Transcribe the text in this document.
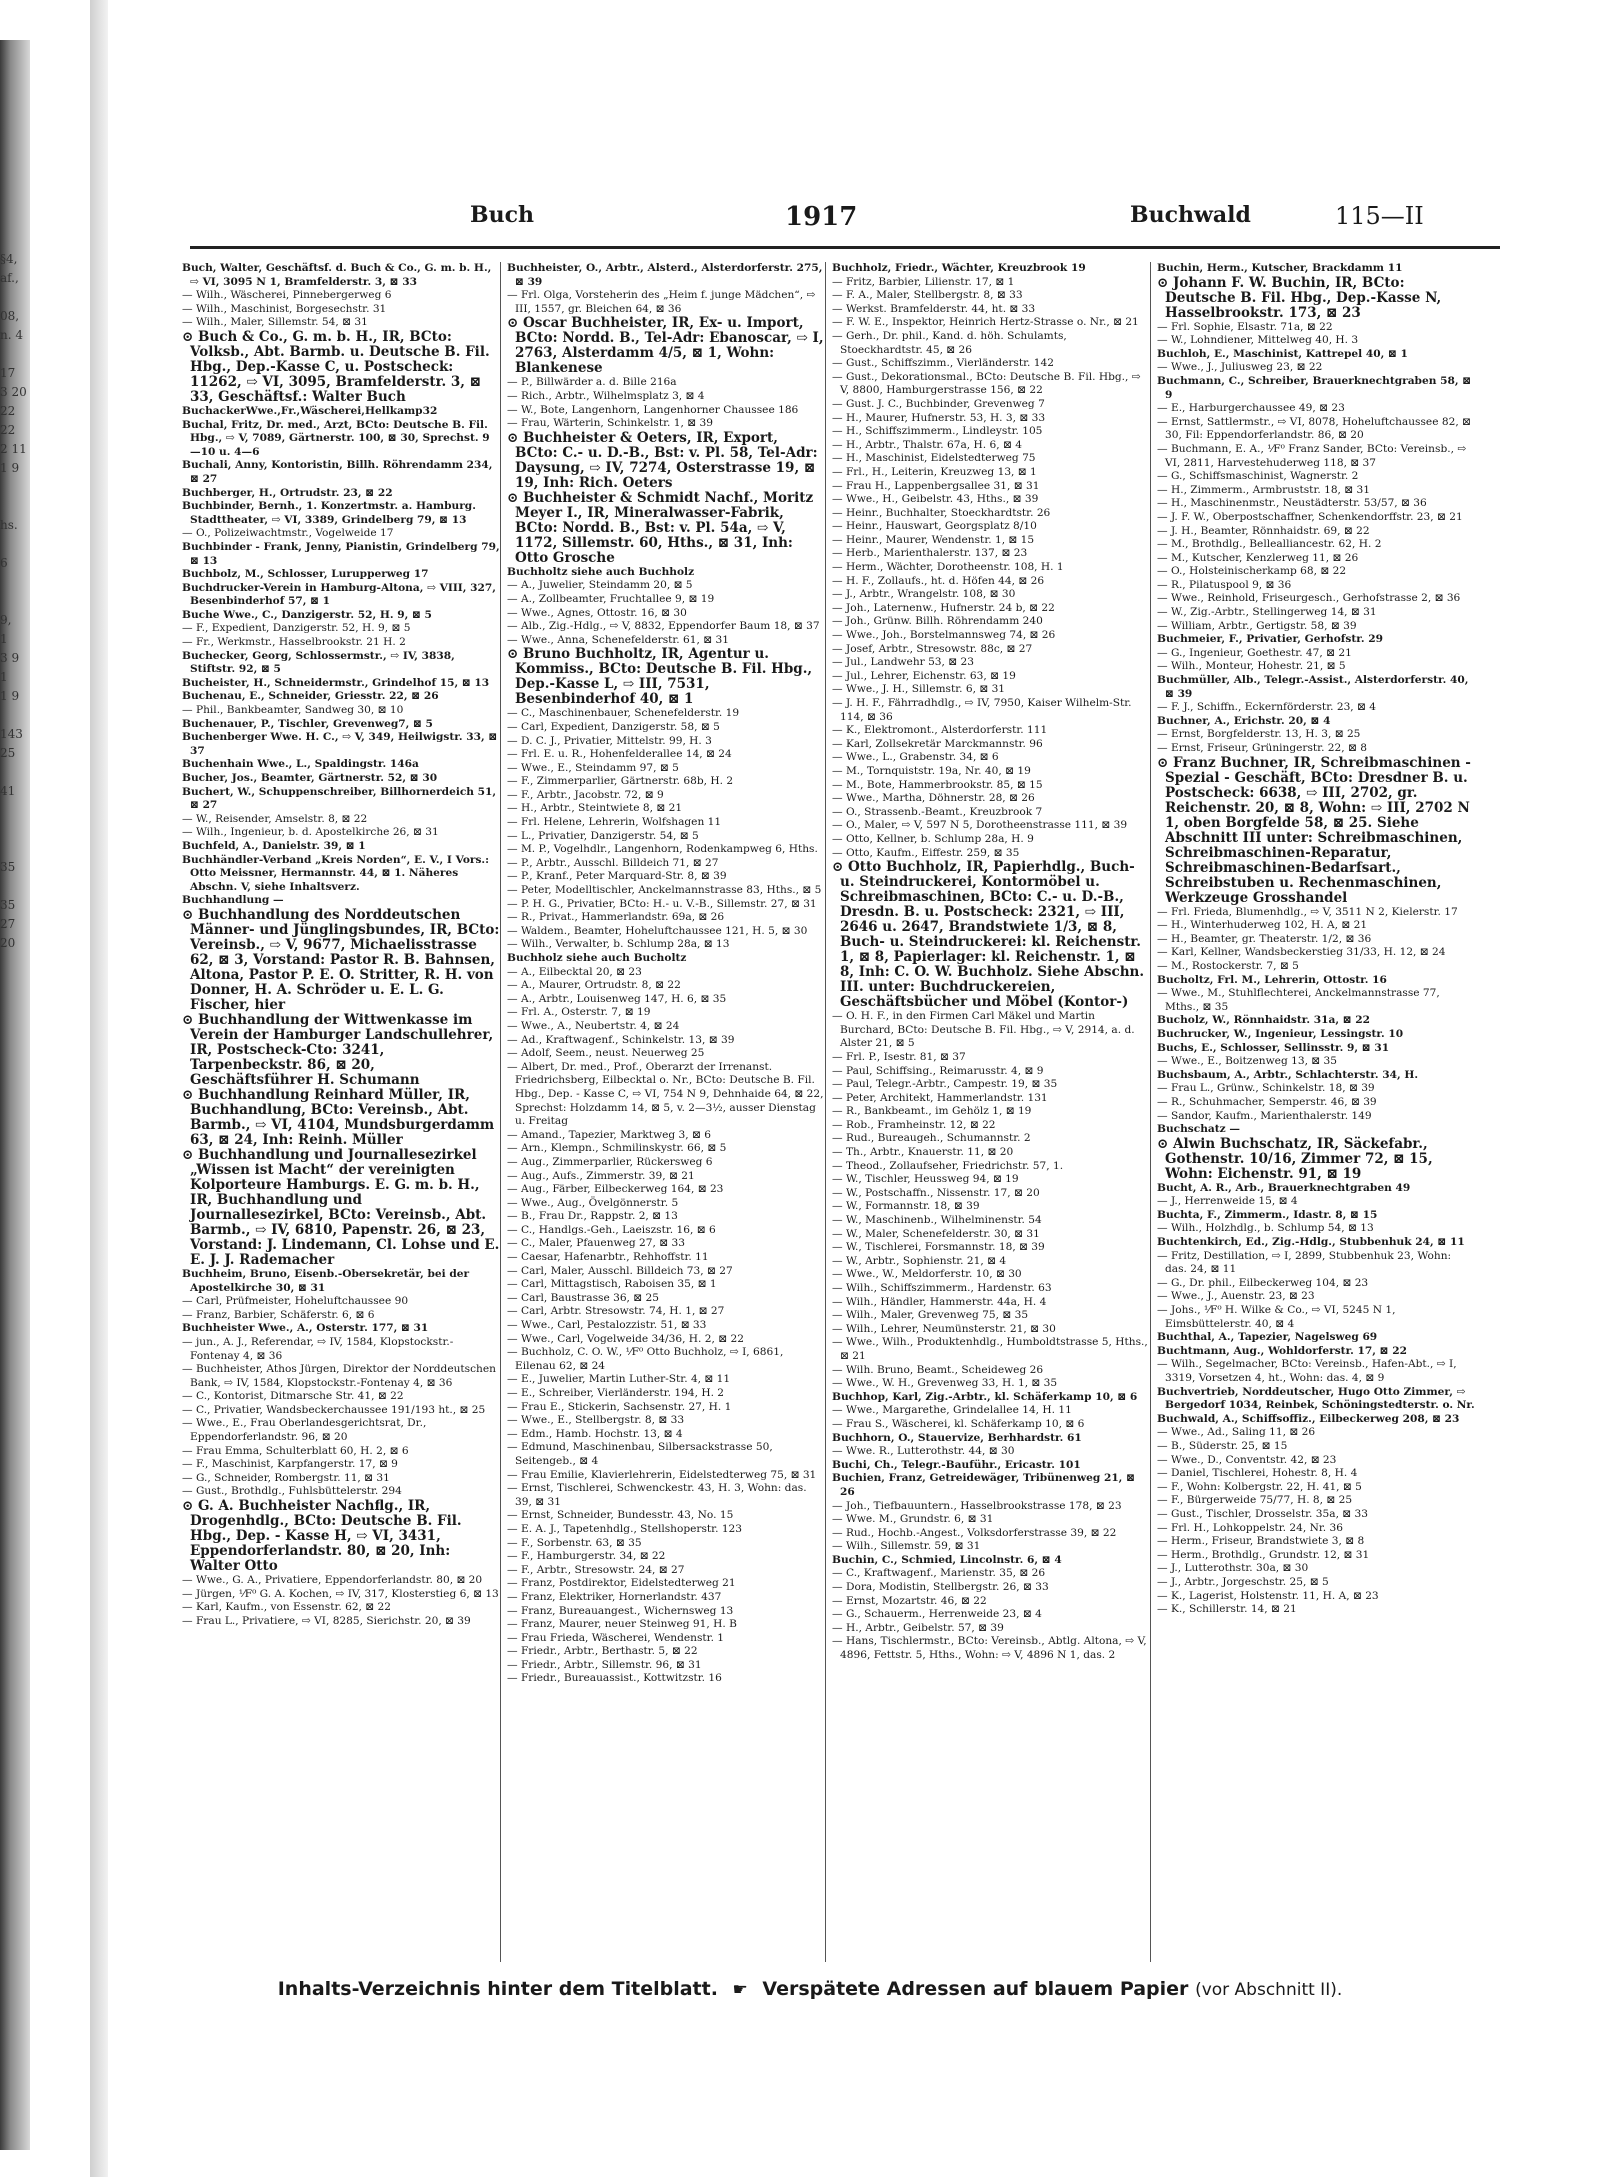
§4,
af.,

08,
n. 4

17
3 20
22
22
2 11
1 9

hs.

6

9,
1
3 9
1
1 9

143
25

41

35

35
27
20
Buch	1917	Buchwald	115—II

Buch, Walter, Geschäftsf. d. Buch & Co., G. m. b. H., ⇨ VI, 3095 N 1, Bramfelderstr. 3, ⊠ 33

— Wilh., Wäscherei, Pinnebergerweg 6

— Wilh., Maschinist, Borgesechstr. 31

— Wilh., Maler, Sillemstr. 54, ⊠ 31

⊙ Buch & Co., G. m. b. H., IR, BCto: Volksb., Abt. Barmb. u. Deutsche B. Fil. Hbg., Dep.-Kasse C, u. Postscheck: 11262, ⇨ VI, 3095, Bramfelderstr. 3, ⊠ 33, Geschäftsf.: Walter Buch

BuchackerWwe.,Fr.,Wäscherei,Hellkamp32

Buchal, Fritz, Dr. med., Arzt, BCto: Deutsche B. Fil. Hbg., ⇨ V, 7089, Gärtnerstr. 100, ⊠ 30, Sprechst. 9—10 u. 4—6

Buchali, Anny, Kontoristin, Billh. Röhrendamm 234, ⊠ 27

Buchberger, H., Ortrudstr. 23, ⊠ 22

Buchbinder, Bernh., 1. Konzertmstr. a. Hamburg. Stadttheater, ⇨ VI, 3389, Grindelberg 79, ⊠ 13

— O., Polizeiwachtmstr., Vogelweide 17

Buchbinder - Frank, Jenny, Pianistin, Grindelberg 79, ⊠ 13

Buchbolz, M., Schlosser, Lurupperweg 17

Buchdrucker-Verein in Hamburg-Altona, ⇨ VIII, 327, Besenbinderhof 57, ⊠ 1

Buche Wwe., C., Danzigerstr. 52, H. 9, ⊠ 5

— F., Expedient, Danzigerstr. 52, H. 9, ⊠ 5

— Fr., Werkmstr., Hasselbrookstr. 21 H. 2

Buchecker, Georg, Schlossermstr., ⇨ IV, 3838, Stiftstr. 92, ⊠ 5

Bucheister, H., Schneidermstr., Grindelhof 15, ⊠ 13

Buchenau, E., Schneider, Griesstr. 22, ⊠ 26

— Phil., Bankbeamter, Sandweg 30, ⊠ 10

Buchenauer, P., Tischler, Grevenweg7, ⊠ 5

Buchenberger Wwe. H. C., ⇨ V, 349, Heilwigstr. 33, ⊠ 37

Buchenhain Wwe., L., Spaldingstr. 146a

Bucher, Jos., Beamter, Gärtnerstr. 52, ⊠ 30

Buchert, W., Schuppenschreiber, Billhornerdeich 51, ⊠ 27

— W., Reisender, Amselstr. 8, ⊠ 22

— Wilh., Ingenieur, b. d. Apostelkirche 26, ⊠ 31

Buchfeld, A., Danielstr. 39, ⊠ 1

Buchhändler-Verband „Kreis Norden“, E. V., I Vors.: Otto Meissner, Hermannstr. 44, ⊠ 1. Näheres Abschn. V, siehe Inhaltsverz.

Buchhandlung —

⊙ Buchhandlung des Norddeutschen Männer- und Jünglingsbundes, IR, BCto: Vereinsb., ⇨ V, 9677, Michaelisstrasse 62, ⊠ 3, Vorstand: Pastor R. B. Bahnsen, Altona, Pastor P. E. O. Stritter, R. H. von Donner, H. A. Schröder u. E. L. G. Fischer, hier

⊙ Buchhandlung der Wittwenkasse im Verein der Hamburger Landschullehrer, IR, Postscheck-Cto: 3241, Tarpenbeckstr. 86, ⊠ 20, Geschäftsführer H. Schumann

⊙ Buchhandlung Reinhard Müller, IR, Buchhandlung, BCto: Vereinsb., Abt. Barmb., ⇨ VI, 4104, Mundsburgerdamm 63, ⊠ 24, Inh: Reinh. Müller

⊙ Buchhandlung und Journallesezirkel „Wissen ist Macht“ der vereinigten Kolporteure Hamburgs. E. G. m. b. H., IR, Buchhandlung und Journallesezirkel, BCto: Vereinsb., Abt. Barmb., ⇨ IV, 6810, Papenstr. 26, ⊠ 23, Vorstand: J. Lindemann, Cl. Lohse und E. E. J. J. Rademacher

Buchheim, Bruno, Eisenb.-Obersekretär, bei der Apostelkirche 30, ⊠ 31

— Carl, Prüfmeister, Hoheluftchaussee 90

— Franz, Barbier, Schäferstr. 6, ⊠ 6

Buchheister Wwe., A., Osterstr. 177, ⊠ 31

— jun., A. J., Referendar, ⇨ IV, 1584, Klopstockstr.-Fontenay 4, ⊠ 36

— Buchheister, Athos Jürgen, Direktor der Norddeutschen Bank, ⇨ IV, 1584, Klopstockstr.-Fontenay 4, ⊠ 36

— C., Kontorist, Ditmarsche Str. 41, ⊠ 22

— C., Privatier, Wandsbeckerchaussee 191/193 ht., ⊠ 25

— Wwe., E., Frau Oberlandesgerichtsrat, Dr., Eppendorferlandstr. 96, ⊠ 20

— Frau Emma, Schulterblatt 60, H. 2, ⊠ 6

— F., Maschinist, Karpfangerstr. 17, ⊠ 9

— G., Schneider, Rombergstr. 11, ⊠ 31

— Gust., Brothdlg., Fuhlsbüttelerstr. 294

⊙ G. A. Buchheister Nachflg., IR, Drogenhdlg., BCto: Deutsche B. Fil. Hbg., Dep. - Kasse H, ⇨ VI, 3431, Eppendorferlandstr. 80, ⊠ 20, Inh: Walter Otto

— Wwe., G. A., Privatiere, Eppendorferlandstr. 80, ⊠ 20

— Jürgen, ⅟F⁰ G. A. Kochen, ⇨ IV, 317, Klosterstieg 6, ⊠ 13

— Karl, Kaufm., von Essenstr. 62, ⊠ 22

— Frau L., Privatiere, ⇨ VI, 8285, Sierichstr. 20, ⊠ 39

Buchheister, O., Arbtr., Alsterd., Alsterdorferstr. 275, ⊠ 39

— Frl. Olga, Vorsteherin des „Heim f. junge Mädchen“, ⇨ III, 1557, gr. Bleichen 64, ⊠ 36

⊙ Oscar Buchheister, IR, Ex- u. Import, BCto: Nordd. B., Tel-Adr: Ebanoscar, ⇨ I, 2763, Alsterdamm 4/5, ⊠ 1, Wohn: Blankenese

— P., Billwärder a. d. Bille 216a

— Rich., Arbtr., Wilhelmsplatz 3, ⊠ 4

— W., Bote, Langenhorn, Langenhorner Chaussee 186

— Frau, Wärterin, Schinkelstr. 1, ⊠ 39

⊙ Buchheister & Oeters, IR, Export, BCto: C.- u. D.-B., Bst: v. Pl. 58, Tel-Adr: Daysung, ⇨ IV, 7274, Osterstrasse 19, ⊠ 19, Inh: Rich. Oeters

⊙ Buchheister & Schmidt Nachf., Moritz Meyer I., IR, Mineralwasser-Fabrik, BCto: Nordd. B., Bst: v. Pl. 54a, ⇨ V, 1172, Sillemstr. 60, Hths., ⊠ 31, Inh: Otto Grosche

Buchholtz siehe auch Buchholz

— A., Juwelier, Steindamm 20, ⊠ 5

— A., Zollbeamter, Fruchtallee 9, ⊠ 19

— Wwe., Agnes, Ottostr. 16, ⊠ 30

— Alb., Zig.-Hdlg., ⇨ V, 8832, Eppendorfer Baum 18, ⊠ 37

— Wwe., Anna, Schenefelderstr. 61, ⊠ 31

⊙ Bruno Buchholtz, IR, Agentur u. Kommiss., BCto: Deutsche B. Fil. Hbg., Dep.-Kasse L, ⇨ III, 7531, Besenbinderhof 40, ⊠ 1

— C., Maschinenbauer, Schenefelderstr. 19

— Carl, Expedient, Danzigerstr. 58, ⊠ 5

— D. C. J., Privatier, Mittelstr. 99, H. 3

— Frl. E. u. R., Hohenfelderallee 14, ⊠ 24

— Wwe., E., Steindamm 97, ⊠ 5

— F., Zimmerparlier, Gärtnerstr. 68b, H. 2

— F., Arbtr., Jacobstr. 72, ⊠ 9

— H., Arbtr., Steintwiete 8, ⊠ 21

— Frl. Helene, Lehrerin, Wolfshagen 11

— L., Privatier, Danzigerstr. 54, ⊠ 5

— M. P., Vogelhdlr., Langenhorn, Rodenkampweg 6, Hths.

— P., Arbtr., Ausschl. Billdeich 71, ⊠ 27

— P., Kranf., Peter Marquard-Str. 8, ⊠ 39

— Peter, Modelltischler, Anckelmannstrasse 83, Hths., ⊠ 5

— P. H. G., Privatier, BCto: H.- u. V.-B., Sillemstr. 27, ⊠ 31

— R., Privat., Hammerlandstr. 69a, ⊠ 26

— Waldem., Beamter, Hoheluftchaussee 121, H. 5, ⊠ 30

— Wilh., Verwalter, b. Schlump 28a, ⊠ 13

Buchholz siehe auch Bucholtz

— A., Eilbecktal 20, ⊠ 23

— A., Maurer, Ortrudstr. 8, ⊠ 22

— A., Arbtr., Louisenweg 147, H. 6, ⊠ 35

— Frl. A., Osterstr. 7, ⊠ 19

— Wwe., A., Neubertstr. 4, ⊠ 24

— Ad., Kraftwagenf., Schinkelstr. 13, ⊠ 39

— Adolf, Seem., neust. Neuerweg 25

— Albert, Dr. med., Prof., Oberarzt der Irrenanst. Friedrichsberg, Eilbecktal o. Nr., BCto: Deutsche B. Fil. Hbg., Dep. - Kasse C, ⇨ VI, 754 N 9, Dehnhaide 64, ⊠ 22, Sprechst: Holzdamm 14, ⊠ 5, v. 2—3½, ausser Dienstag u. Freitag

— Amand., Tapezier, Marktweg 3, ⊠ 6

— Arn., Klempn., Schmilinskystr. 66, ⊠ 5

— Aug., Zimmerparlier, Rückersweg 6

— Aug., Aufs., Zimmerstr. 39, ⊠ 21

— Aug., Färber, Eilbeckerweg 164, ⊠ 23

— Wwe., Aug., Övelgönnerstr. 5

— B., Frau Dr., Rappstr. 2, ⊠ 13

— C., Handlgs.-Geh., Laeiszstr. 16, ⊠ 6

— C., Maler, Pfauenweg 27, ⊠ 33

— Caesar, Hafenarbtr., Rehhoffstr. 11

— Carl, Maler, Ausschl. Billdeich 73, ⊠ 27

— Carl, Mittagstisch, Raboisen 35, ⊠ 1

— Carl, Baustrasse 36, ⊠ 25

— Carl, Arbtr. Stresowstr. 74, H. 1, ⊠ 27

— Wwe., Carl, Pestalozzistr. 51, ⊠ 33

— Wwe., Carl, Vogelweide 34/36, H. 2, ⊠ 22

— Buchholz, C. O. W., ⅟F⁰ Otto Buchholz, ⇨ I, 6861, Eilenau 62, ⊠ 24

— E., Juwelier, Martin Luther-Str. 4, ⊠ 11

— E., Schreiber, Vierländerstr. 194, H. 2

— Frau E., Stickerin, Sachsenstr. 27, H. 1

— Wwe., E., Stellbergstr. 8, ⊠ 33

— Edm., Hamb. Hochstr. 13, ⊠ 4

— Edmund, Maschinenbau, Silbersackstrasse 50, Seitengeb., ⊠ 4

— Frau Emilie, Klavierlehrerin, Eidelstedterweg 75, ⊠ 31

— Ernst, Tischlerei, Schwenckestr. 43, H. 3, Wohn: das. 39, ⊠ 31

— Ernst, Schneider, Bundesstr. 43, No. 15

— E. A. J., Tapetenhdlg., Stellshoperstr. 123

— F., Sorbenstr. 63, ⊠ 35

— F., Hamburgerstr. 34, ⊠ 22

— F., Arbtr., Stresowstr. 24, ⊠ 27

— Franz, Postdirektor, Eidelstedterweg 21

— Franz, Elektriker, Hornerlandstr. 437

— Franz, Bureauangest., Wichernsweg 13

— Franz, Maurer, neuer Steinweg 91, H. B

— Frau Frieda, Wäscherei, Wendenstr. 1

— Friedr., Arbtr., Berthastr. 5, ⊠ 22

— Friedr., Arbtr., Sillemstr. 96, ⊠ 31

— Friedr., Bureauassist., Kottwitzstr. 16

Buchholz, Friedr., Wächter, Kreuzbrook 19

— Fritz, Barbier, Lilienstr. 17, ⊠ 1

— F. A., Maler, Stellbergstr. 8, ⊠ 33

— Werkst. Bramfelderstr. 44, ht. ⊠ 33

— F. W. E., Inspektor, Heinrich Hertz-Strasse o. Nr., ⊠ 21

— Gerh., Dr. phil., Kand. d. höh. Schulamts, Stoeckhardtstr. 45, ⊠ 26

— Gust., Schiffszimm., Vierländerstr. 142

— Gust., Dekorationsmal., BCto: Deutsche B. Fil. Hbg., ⇨ V, 8800, Hamburgerstrasse 156, ⊠ 22

— Gust. J. C., Buchbinder, Grevenweg 7

— H., Maurer, Hufnerstr. 53, H. 3, ⊠ 33

— H., Schiffszimmerm., Lindleystr. 105

— H., Arbtr., Thalstr. 67a, H. 6, ⊠ 4

— H., Maschinist, Eidelstedterweg 75

— Frl., H., Leiterin, Kreuzweg 13, ⊠ 1

— Frau H., Lappenbergsallee 31, ⊠ 31

— Wwe., H., Geibelstr. 43, Hths., ⊠ 39

— Heinr., Buchhalter, Stoeckhardtstr. 26

— Heinr., Hauswart, Georgsplatz 8/10

— Heinr., Maurer, Wendenstr. 1, ⊠ 15

— Herb., Marienthalerstr. 137, ⊠ 23

— Herm., Wächter, Dorotheenstr. 108, H. 1

— H. F., Zollaufs., ht. d. Höfen 44, ⊠ 26

— J., Arbtr., Wrangelstr. 108, ⊠ 30

— Joh., Laternenw., Hufnerstr. 24 b, ⊠ 22

— Joh., Grünw. Billh. Röhrendamm 240

— Wwe., Joh., Borstelmannsweg 74, ⊠ 26

— Josef, Arbtr., Stresowstr. 88c, ⊠ 27

— Jul., Landwehr 53, ⊠ 23

— Jul., Lehrer, Eichenstr. 63, ⊠ 19

— Wwe., J. H., Sillemstr. 6, ⊠ 31

— J. H. F., Fährradhdlg., ⇨ IV, 7950, Kaiser Wilhelm-Str. 114, ⊠ 36

— K., Elektromont., Alsterdorferstr. 111

— Karl, Zollsekretär Marckmannstr. 96

— Wwe., L., Grabenstr. 34, ⊠ 6

— M., Tornquiststr. 19a, Nr. 40, ⊠ 19

— M., Bote, Hammerbrookstr. 85, ⊠ 15

— Wwe., Martha, Döhnerstr. 28, ⊠ 26

— O., Strassenb.-Beamt., Kreuzbrook 7

— O., Maler, ⇨ V, 597 N 5, Dorotheenstrasse 111, ⊠ 39

— Otto, Kellner, b. Schlump 28a, H. 9

— Otto, Kaufm., Eiffestr. 259, ⊠ 35

⊙ Otto Buchholz, IR, Papierhdlg., Buch- u. Steindruckerei, Kontormöbel u. Schreibmaschinen, BCto: C.- u. D.-B., Dresdn. B. u. Postscheck: 2321, ⇨ III, 2646 u. 2647, Brandstwiete 1/3, ⊠ 8, Buch- u. Steindruckerei: kl. Reichenstr. 1, ⊠ 8, Papierlager: kl. Reichenstr. 1, ⊠ 8, Inh: C. O. W. Buchholz. Siehe Abschn. III. unter: Buchdruckereien, Geschäftsbücher und Möbel (Kontor-)

— O. H. F., in den Firmen Carl Mäkel und Martin Burchard, BCto: Deutsche B. Fil. Hbg., ⇨ V, 2914, a. d. Alster 21, ⊠ 5

— Frl. P., Isestr. 81, ⊠ 37

— Paul, Schiffsing., Reimarusstr. 4, ⊠ 9

— Paul, Telegr.-Arbtr., Campestr. 19, ⊠ 35

— Peter, Architekt, Hammerlandstr. 131

— R., Bankbeamt., im Gehölz 1, ⊠ 19

— Rob., Framheinstr. 12, ⊠ 22

— Rud., Bureaugeh., Schumannstr. 2

— Th., Arbtr., Knauerstr. 11, ⊠ 20

— Theod., Zollaufseher, Friedrichstr. 57, 1.

— W., Tischler, Heussweg 94, ⊠ 19

— W., Postschaffn., Nissenstr. 17, ⊠ 20

— W., Formannstr. 18, ⊠ 39

— W., Maschinenb., Wilhelminenstr. 54

— W., Maler, Schenefelderstr. 30, ⊠ 31

— W., Tischlerei, Forsmannstr. 18, ⊠ 39

— W., Arbtr., Sophienstr. 21, ⊠ 4

— Wwe., W., Meldorferstr. 10, ⊠ 30

— Wilh., Schiffszimmerm., Hardenstr. 63

— Wilh., Händler, Hammerstr. 44a, H. 4

— Wilh., Maler, Grevenweg 75, ⊠ 35

— Wilh., Lehrer, Neumünsterstr. 21, ⊠ 30

— Wwe., Wilh., Produktenhdlg., Humboldtstrasse 5, Hths., ⊠ 21

— Wilh. Bruno, Beamt., Scheideweg 26

— Wwe., W. H., Grevenweg 33, H. 1, ⊠ 35

Buchhop, Karl, Zig.-Arbtr., kl. Schäferkamp 10, ⊠ 6

— Wwe., Margarethe, Grindelallee 14, H. 11

— Frau S., Wäscherei, kl. Schäferkamp 10, ⊠ 6

Buchhorn, O., Stauervize, Berhhardstr. 61

— Wwe. R., Lutterothstr. 44, ⊠ 30

Buchi, Ch., Telegr.-Bauführ., Ericastr. 101

Buchien, Franz, Getreidewäger, Tribünenweg 21, ⊠ 26

— Joh., Tiefbauuntern., Hasselbrookstrasse 178, ⊠ 23

— Wwe. M., Grundstr. 6, ⊠ 31

— Rud., Hochb.-Angest., Volksdorferstrasse 39, ⊠ 22

— Wilh., Sillemstr. 59, ⊠ 31

Buchin, C., Schmied, Lincolnstr. 6, ⊠ 4

— C., Kraftwagenf., Marienstr. 35, ⊠ 26

— Dora, Modistin, Stellbergstr. 26, ⊠ 33

— Ernst, Mozartstr. 46, ⊠ 22

— G., Schauerm., Herrenweide 23, ⊠ 4

— H., Arbtr., Geibelstr. 57, ⊠ 39

— Hans, Tischlermstr., BCto: Vereinsb., Abtlg. Altona, ⇨ V, 4896, Fettstr. 5, Hths., Wohn: ⇨ V, 4896 N 1, das. 2

Buchin, Herm., Kutscher, Brackdamm 11

⊙ Johann F. W. Buchin, IR, BCto: Deutsche B. Fil. Hbg., Dep.-Kasse N, Hasselbrookstr. 173, ⊠ 23

— Frl. Sophie, Elsastr. 71a, ⊠ 22

— W., Lohndiener, Mittelweg 40, H. 3

Buchloh, E., Maschinist, Kattrepel 40, ⊠ 1

— Wwe., J., Juliusweg 23, ⊠ 22

Buchmann, C., Schreiber, Brauerknechtgraben 58, ⊠ 9

— E., Harburgerchaussee 49, ⊠ 23

— Ernst, Sattlermstr., ⇨ VI, 8078, Hoheluftchaussee 82, ⊠ 30, Fil: Eppendorferlandstr. 86, ⊠ 20

— Buchmann, E. A., ⅟F⁰ Franz Sander, BCto: Vereinsb., ⇨ VI, 2811, Harvestehuderweg 118, ⊠ 37

— G., Schiffsmaschinist, Wagnerstr. 2

— H., Zimmerm., Armbruststr. 18, ⊠ 31

— H., Maschinenmstr., Neustädterstr. 53/57, ⊠ 36

— J. F. W., Oberpostschaffner, Schenkendorffstr. 23, ⊠ 21

— J. H., Beamter, Rönnhaidstr. 69, ⊠ 22

— M., Brothdlg., Bellealliancestr. 62, H. 2

— M., Kutscher, Kenzlerweg 11, ⊠ 26

— O., Holsteinischerkamp 68, ⊠ 22

— R., Pilatuspool 9, ⊠ 36

— Wwe., Reinhold, Friseurgesch., Gerhofstrasse 2, ⊠ 36

— W., Zig.-Arbtr., Stellingerweg 14, ⊠ 31

— William, Arbtr., Gertigstr. 58, ⊠ 39

Buchmeier, F., Privatier, Gerhofstr. 29

— G., Ingenieur, Goethestr. 47, ⊠ 21

— Wilh., Monteur, Hohestr. 21, ⊠ 5

Buchmüller, Alb., Telegr.-Assist., Alsterdorferstr. 40, ⊠ 39

— F. J., Schiffn., Eckernförderstr. 23, ⊠ 4

Buchner, A., Erichstr. 20, ⊠ 4

— Ernst, Borgfelderstr. 13, H. 3, ⊠ 25

— Ernst, Friseur, Grüningerstr. 22, ⊠ 8

⊙ Franz Buchner, IR, Schreibmaschinen - Spezial - Geschäft, BCto: Dresdner B. u. Postscheck: 6638, ⇨ III, 2702, gr. Reichenstr. 20, ⊠ 8, Wohn: ⇨ III, 2702 N 1, oben Borgfelde 58, ⊠ 25. Siehe Abschnitt III unter: Schreibmaschinen, Schreibmaschinen-Reparatur, Schreibmaschinen-Bedarfsart., Schreibstuben u. Rechenmaschinen, Werkzeuge Grosshandel

— Frl. Frieda, Blumenhdlg., ⇨ V, 3511 N 2, Kielerstr. 17

— H., Winterhuderweg 102, H. A, ⊠ 21

— H., Beamter, gr. Theaterstr. 1/2, ⊠ 36

— Karl, Kellner, Wandsbeckerstieg 31/33, H. 12, ⊠ 24

— M., Rostockerstr. 7, ⊠ 5

Bucholtz, Frl. M., Lehrerin, Ottostr. 16

— Wwe., M., Stuhlflechterei, Anckelmannstrasse 77, Mths., ⊠ 35

Bucholz, W., Rönnhaidstr. 31a, ⊠ 22

Buchrucker, W., Ingenieur, Lessingstr. 10

Buchs, E., Schlosser, Sellinsstr. 9, ⊠ 31

— Wwe., E., Boitzenweg 13, ⊠ 35

Buchsbaum, A., Arbtr., Schlachterstr. 34, H.

— Frau L., Grünw., Schinkelstr. 18, ⊠ 39

— R., Schuhmacher, Semperstr. 46, ⊠ 39

— Sandor, Kaufm., Marienthalerstr. 149

Buchschatz —

⊙ Alwin Buchschatz, IR, Säckefabr., Gothenstr. 10/16, Zimmer 72, ⊠ 15, Wohn: Eichenstr. 91, ⊠ 19

Bucht, A. R., Arb., Brauerknechtgraben 49

— J., Herrenweide 15, ⊠ 4

Buchta, F., Zimmerm., Idastr. 8, ⊠ 15

— Wilh., Holzhdlg., b. Schlump 54, ⊠ 13

Buchtenkirch, Ed., Zig.-Hdlg., Stubbenhuk 24, ⊠ 11

— Fritz, Destillation, ⇨ I, 2899, Stubbenhuk 23, Wohn: das. 24, ⊠ 11

— G., Dr. phil., Eilbeckerweg 104, ⊠ 23

— Wwe., J., Auenstr. 23, ⊠ 23

— Johs., ⅟F⁰ H. Wilke & Co., ⇨ VI, 5245 N 1, Eimsbüttelerstr. 40, ⊠ 4

Buchthal, A., Tapezier, Nagelsweg 69

Buchtmann, Aug., Wohldorferstr. 17, ⊠ 22

— Wilh., Segelmacher, BCto: Vereinsb., Hafen-Abt., ⇨ I, 3319, Vorsetzen 4, ht., Wohn: das. 4, ⊠ 9

Buchvertrieb, Norddeutscher, Hugo Otto Zimmer, ⇨ Bergedorf 1034, Reinbek, Schöningstedterstr. o. Nr.

Buchwald, A., Schiffsoffiz., Eilbeckerweg 208, ⊠ 23

— Wwe., Ad., Saling 11, ⊠ 26

— B., Süderstr. 25, ⊠ 15

— Wwe., D., Conventstr. 42, ⊠ 23

— Daniel, Tischlerei, Hohestr. 8, H. 4

— F., Wohn: Kolbergstr. 22, H. 41, ⊠ 5

— F., Bürgerweide 75/77, H. 8, ⊠ 25

— Gust., Tischler, Drosselstr. 35a, ⊠ 33

— Frl. H., Lohkoppelstr. 24, Nr. 36

— Herm., Friseur, Brandstwiete 3, ⊠ 8

— Herm., Brothdlg., Grundstr. 12, ⊠ 31

— J., Lutterothstr. 30a, ⊠ 30

— J., Arbtr., Jorgeschstr. 25, ⊠ 5

— K., Lagerist, Holstenstr. 11, H. A, ⊠ 23

— K., Schillerstr. 14, ⊠ 21

Inhalts-Verzeichnis hinter dem Titelblatt. ☛ Verspätete Adressen auf blauem Papier (vor Abschnitt II).
